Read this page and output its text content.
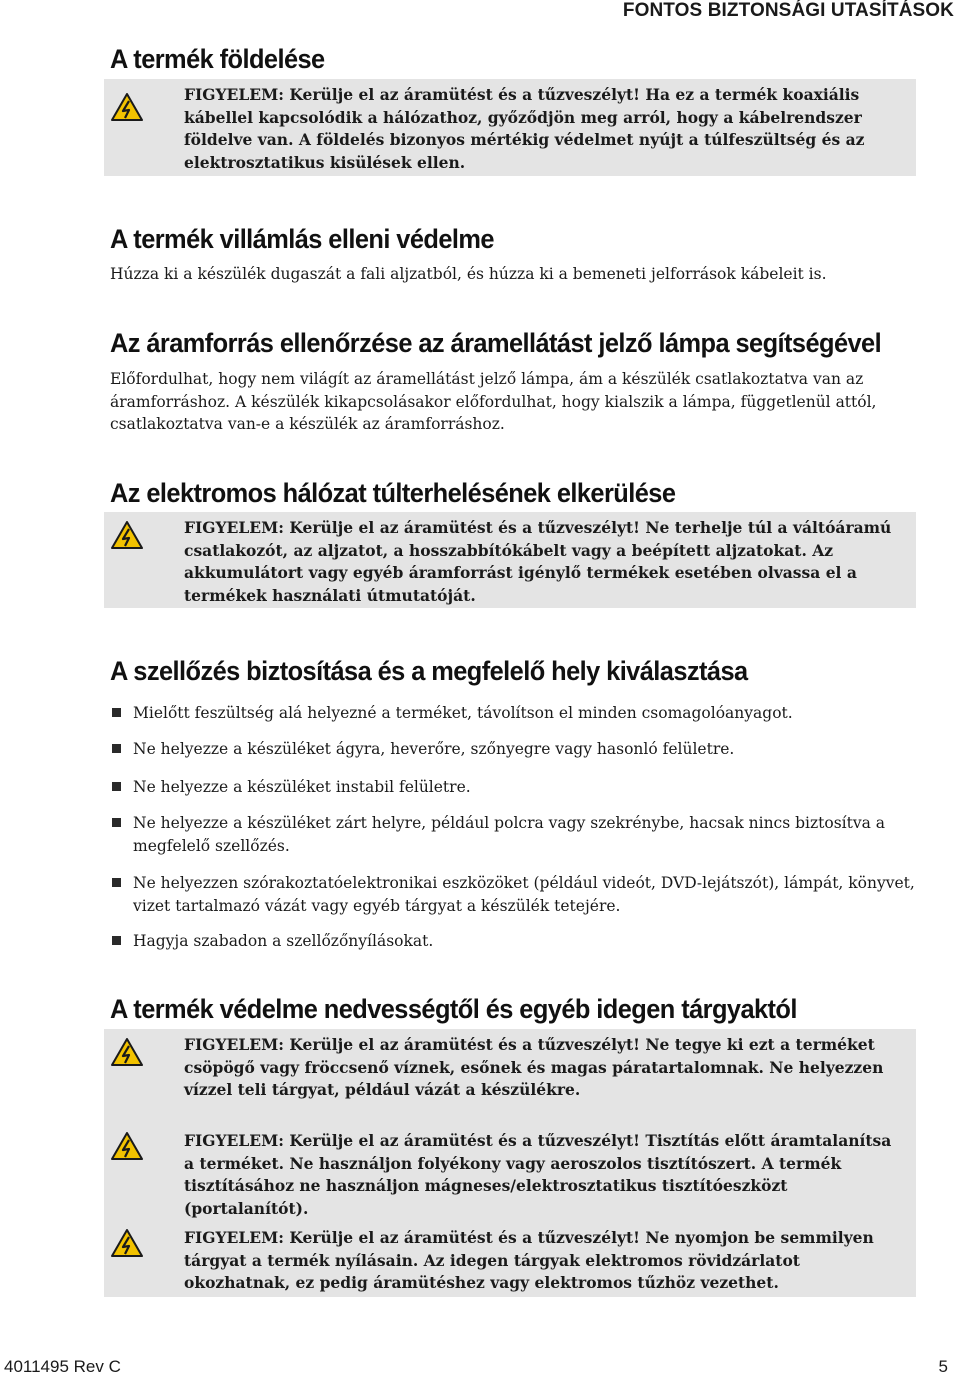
FONTOS BIZTONSÁGI UTASÍTÁSOK
A termék földelése

FIGYELEM: Kerülje el az áramütést és a tűzveszélyt! Ha ez a termék koaxiális kábellel kapcsolódik a hálózathoz, győződjön meg arról, hogy a kábelrendszer földelve van. A földelés bizonyos mértékig védelmet nyújt a túlfeszültség és az elektrosztatikus kisülések ellen.

A termék villámlás elleni védelme

Húzza ki a készülék dugaszát a fali aljzatból, és húzza ki a bemeneti jelforrások kábeleit is.

Az áramforrás ellenőrzése az áramellátást jelző lámpa segítségével

Előfordulhat, hogy nem világít az áramellátást jelző lámpa, ám a készülék csatlakoztatva van az áramforráshoz. A készülék kikapcsolásakor előfordulhat, hogy kialszik a lámpa, függetlenül attól, csatlakoztatva van-e a készülék az áramforráshoz.

Az elektromos hálózat túlterhelésének elkerülése

FIGYELEM: Kerülje el az áramütést és a tűzveszélyt! Ne terhelje túl a váltóáramú csatlakozót, az aljzatot, a hosszabbítókábelt vagy a beépített aljzatokat. Az akkumulátort vagy egyéb áramforrást igénylő termékek esetében olvassa el a termékek használati útmutatóját.

A szellőzés biztosítása és a megfelelő hely kiválasztása
Mielőtt feszültség alá helyezné a terméket, távolítson el minden csomagolóanyagot.
Ne helyezze a készüléket ágyra, heverőre, szőnyegre vagy hasonló felületre.
Ne helyezze a készüléket instabil felületre.
Ne helyezze a készüléket zárt helyre, például polcra vagy szekrénybe, hacsak nincs biztosítva a megfelelő szellőzés.
Ne helyezzen szórakoztatóelektronikai eszközöket (például videót, DVD-lejátszót), lámpát, könyvet, vizet tartalmazó vázát vagy egyéb tárgyat a készülék tetejére.
Hagyja szabadon a szellőzőnyílásokat.
A termék védelme nedvességtől és egyéb idegen tárgyaktól

FIGYELEM: Kerülje el az áramütést és a tűzveszélyt! Ne tegye ki ezt a terméket csöpögő vagy fröccsenő víznek, esőnek és magas páratartalomnak. Ne helyezzen vízzel teli tárgyat, például vázát a készülékre.

FIGYELEM: Kerülje el az áramütést és a tűzveszélyt! Tisztítás előtt áramtalanítsa a terméket. Ne használjon folyékony vagy aeroszolos tisztítószert. A termék tisztításához ne használjon mágneses/elektrosztatikus tisztítóeszközt (portalanítót).

FIGYELEM: Kerülje el az áramütést és a tűzveszélyt! Ne nyomjon be semmilyen tárgyat a termék nyílásain. Az idegen tárgyak elektromos rövidzárlatot okozhatnak, ez pedig áramütéshez vagy elektromos tűzhöz vezethet.

4011495 Rev C	5
